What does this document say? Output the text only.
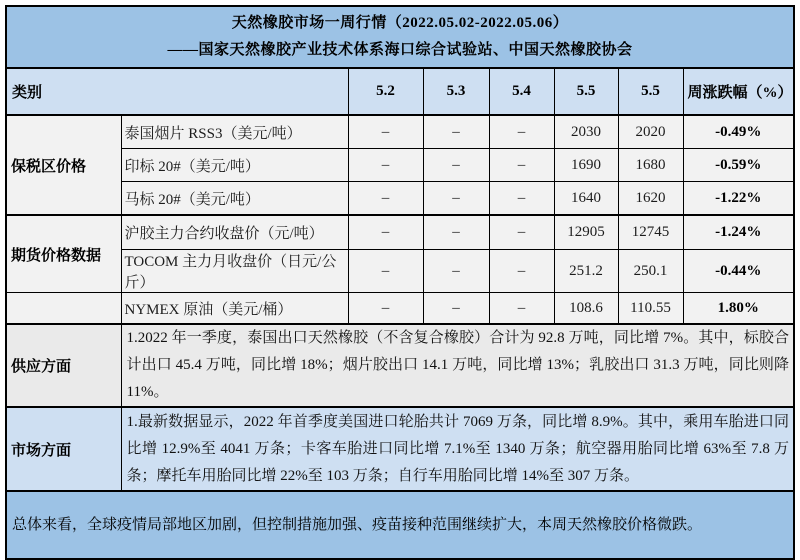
天然橡胶市场一周行情（2022.05.02-2022.05.06）
——国家天然橡胶产业技术体系海口综合试验站、中国天然橡胶协会							

类别		5.2	5.3	5.4	5.5	5.5	周涨跌幅（%）
保税区价格	泰国烟片 RSS3（美元/吨）	–	–	–	2030	2020	-0.49%
	印标 20#（美元/吨）	–	–	–	1690	1680	-0.59%
	马标 20#（美元/吨）	–	–	–	1640	1620	-1.22%
期货价格数据	沪胶主力合约收盘价（元/吨）	–	–	–	12905	12745	-1.24%
	TOCOM 主力月收盘价（日元/公斤）	–	–	–	251.2	250.1	-0.44%
	NYMEX 原油（美元/桶）	–	–	–	108.6	110.55	1.80%
供应方面	1.2022 年一季度，泰国出口天然橡胶（不含复合橡胶）合计为 92.8 万吨，同比增 7%。其中，标胶合计出口 45.4 万吨，同比增 18%；烟片胶出口 14.1 万吨，同比增 13%；乳胶出口 31.3 万吨，同比则降 11%。						
市场方面	1.最新数据显示，2022 年首季度美国进口轮胎共计 7069 万条，同比增 8.9%。其中，乘用车胎进口同比增 12.9%至 4041 万条；卡客车胎进口同比增 7.1%至 1340 万条；航空器用胎同比增 63%至 7.8 万条；摩托车用胎同比增 22%至 103 万条；自行车用胎同比增 14%至 307 万条。						
总体来看，全球疫情局部地区加剧，但控制措施加强、疫苗接种范围继续扩大，本周天然橡胶价格微跌。							
